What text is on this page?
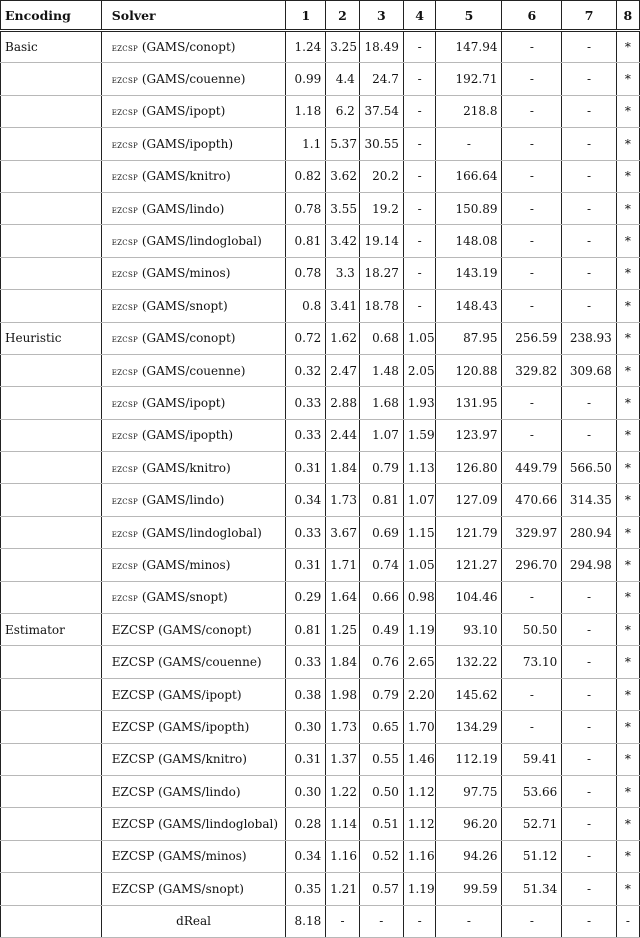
Encoding	Solver	1	2	3	4	5	6	7	8
Basic	ezcsp (GAMS/conopt)	1.24	3.25	18.49	-	147.94	-	-	*
	ezcsp (GAMS/couenne)	0.99	4.4	24.7	-	192.71	-	-	*
	ezcsp (GAMS/ipopt)	1.18	6.2	37.54	-	218.8	-	-	*
	ezcsp (GAMS/ipopth)	1.1	5.37	30.55	-	-	-	-	*
	ezcsp (GAMS/knitro)	0.82	3.62	20.2	-	166.64	-	-	*
	ezcsp (GAMS/lindo)	0.78	3.55	19.2	-	150.89	-	-	*
	ezcsp (GAMS/lindoglobal)	0.81	3.42	19.14	-	148.08	-	-	*
	ezcsp (GAMS/minos)	0.78	3.3	18.27	-	143.19	-	-	*
	ezcsp (GAMS/snopt)	0.8	3.41	18.78	-	148.43	-	-	*
Heuristic	ezcsp (GAMS/conopt)	0.72	1.62	0.68	1.05	87.95	256.59	238.93	*
	ezcsp (GAMS/couenne)	0.32	2.47	1.48	2.05	120.88	329.82	309.68	*
	ezcsp (GAMS/ipopt)	0.33	2.88	1.68	1.93	131.95	-	-	*
	ezcsp (GAMS/ipopth)	0.33	2.44	1.07	1.59	123.97	-	-	*
	ezcsp (GAMS/knitro)	0.31	1.84	0.79	1.13	126.80	449.79	566.50	*
	ezcsp (GAMS/lindo)	0.34	1.73	0.81	1.07	127.09	470.66	314.35	*
	ezcsp (GAMS/lindoglobal)	0.33	3.67	0.69	1.15	121.79	329.97	280.94	*
	ezcsp (GAMS/minos)	0.31	1.71	0.74	1.05	121.27	296.70	294.98	*
	ezcsp (GAMS/snopt)	0.29	1.64	0.66	0.98	104.46	-	-	*
Estimator	EZCSP (GAMS/conopt)	0.81	1.25	0.49	1.19	93.10	50.50	-	*
	EZCSP (GAMS/couenne)	0.33	1.84	0.76	2.65	132.22	73.10	-	*
	EZCSP (GAMS/ipopt)	0.38	1.98	0.79	2.20	145.62	-	-	*
	EZCSP (GAMS/ipopth)	0.30	1.73	0.65	1.70	134.29	-	-	*
	EZCSP (GAMS/knitro)	0.31	1.37	0.55	1.46	112.19	59.41	-	*
	EZCSP (GAMS/lindo)	0.30	1.22	0.50	1.12	97.75	53.66	-	*
	EZCSP (GAMS/lindoglobal)	0.28	1.14	0.51	1.12	96.20	52.71	-	*
	EZCSP (GAMS/minos)	0.34	1.16	0.52	1.16	94.26	51.12	-	*
	EZCSP (GAMS/snopt)	0.35	1.21	0.57	1.19	99.59	51.34	-	*
	dReal	8.18	-	-	-	-	-	-	-
